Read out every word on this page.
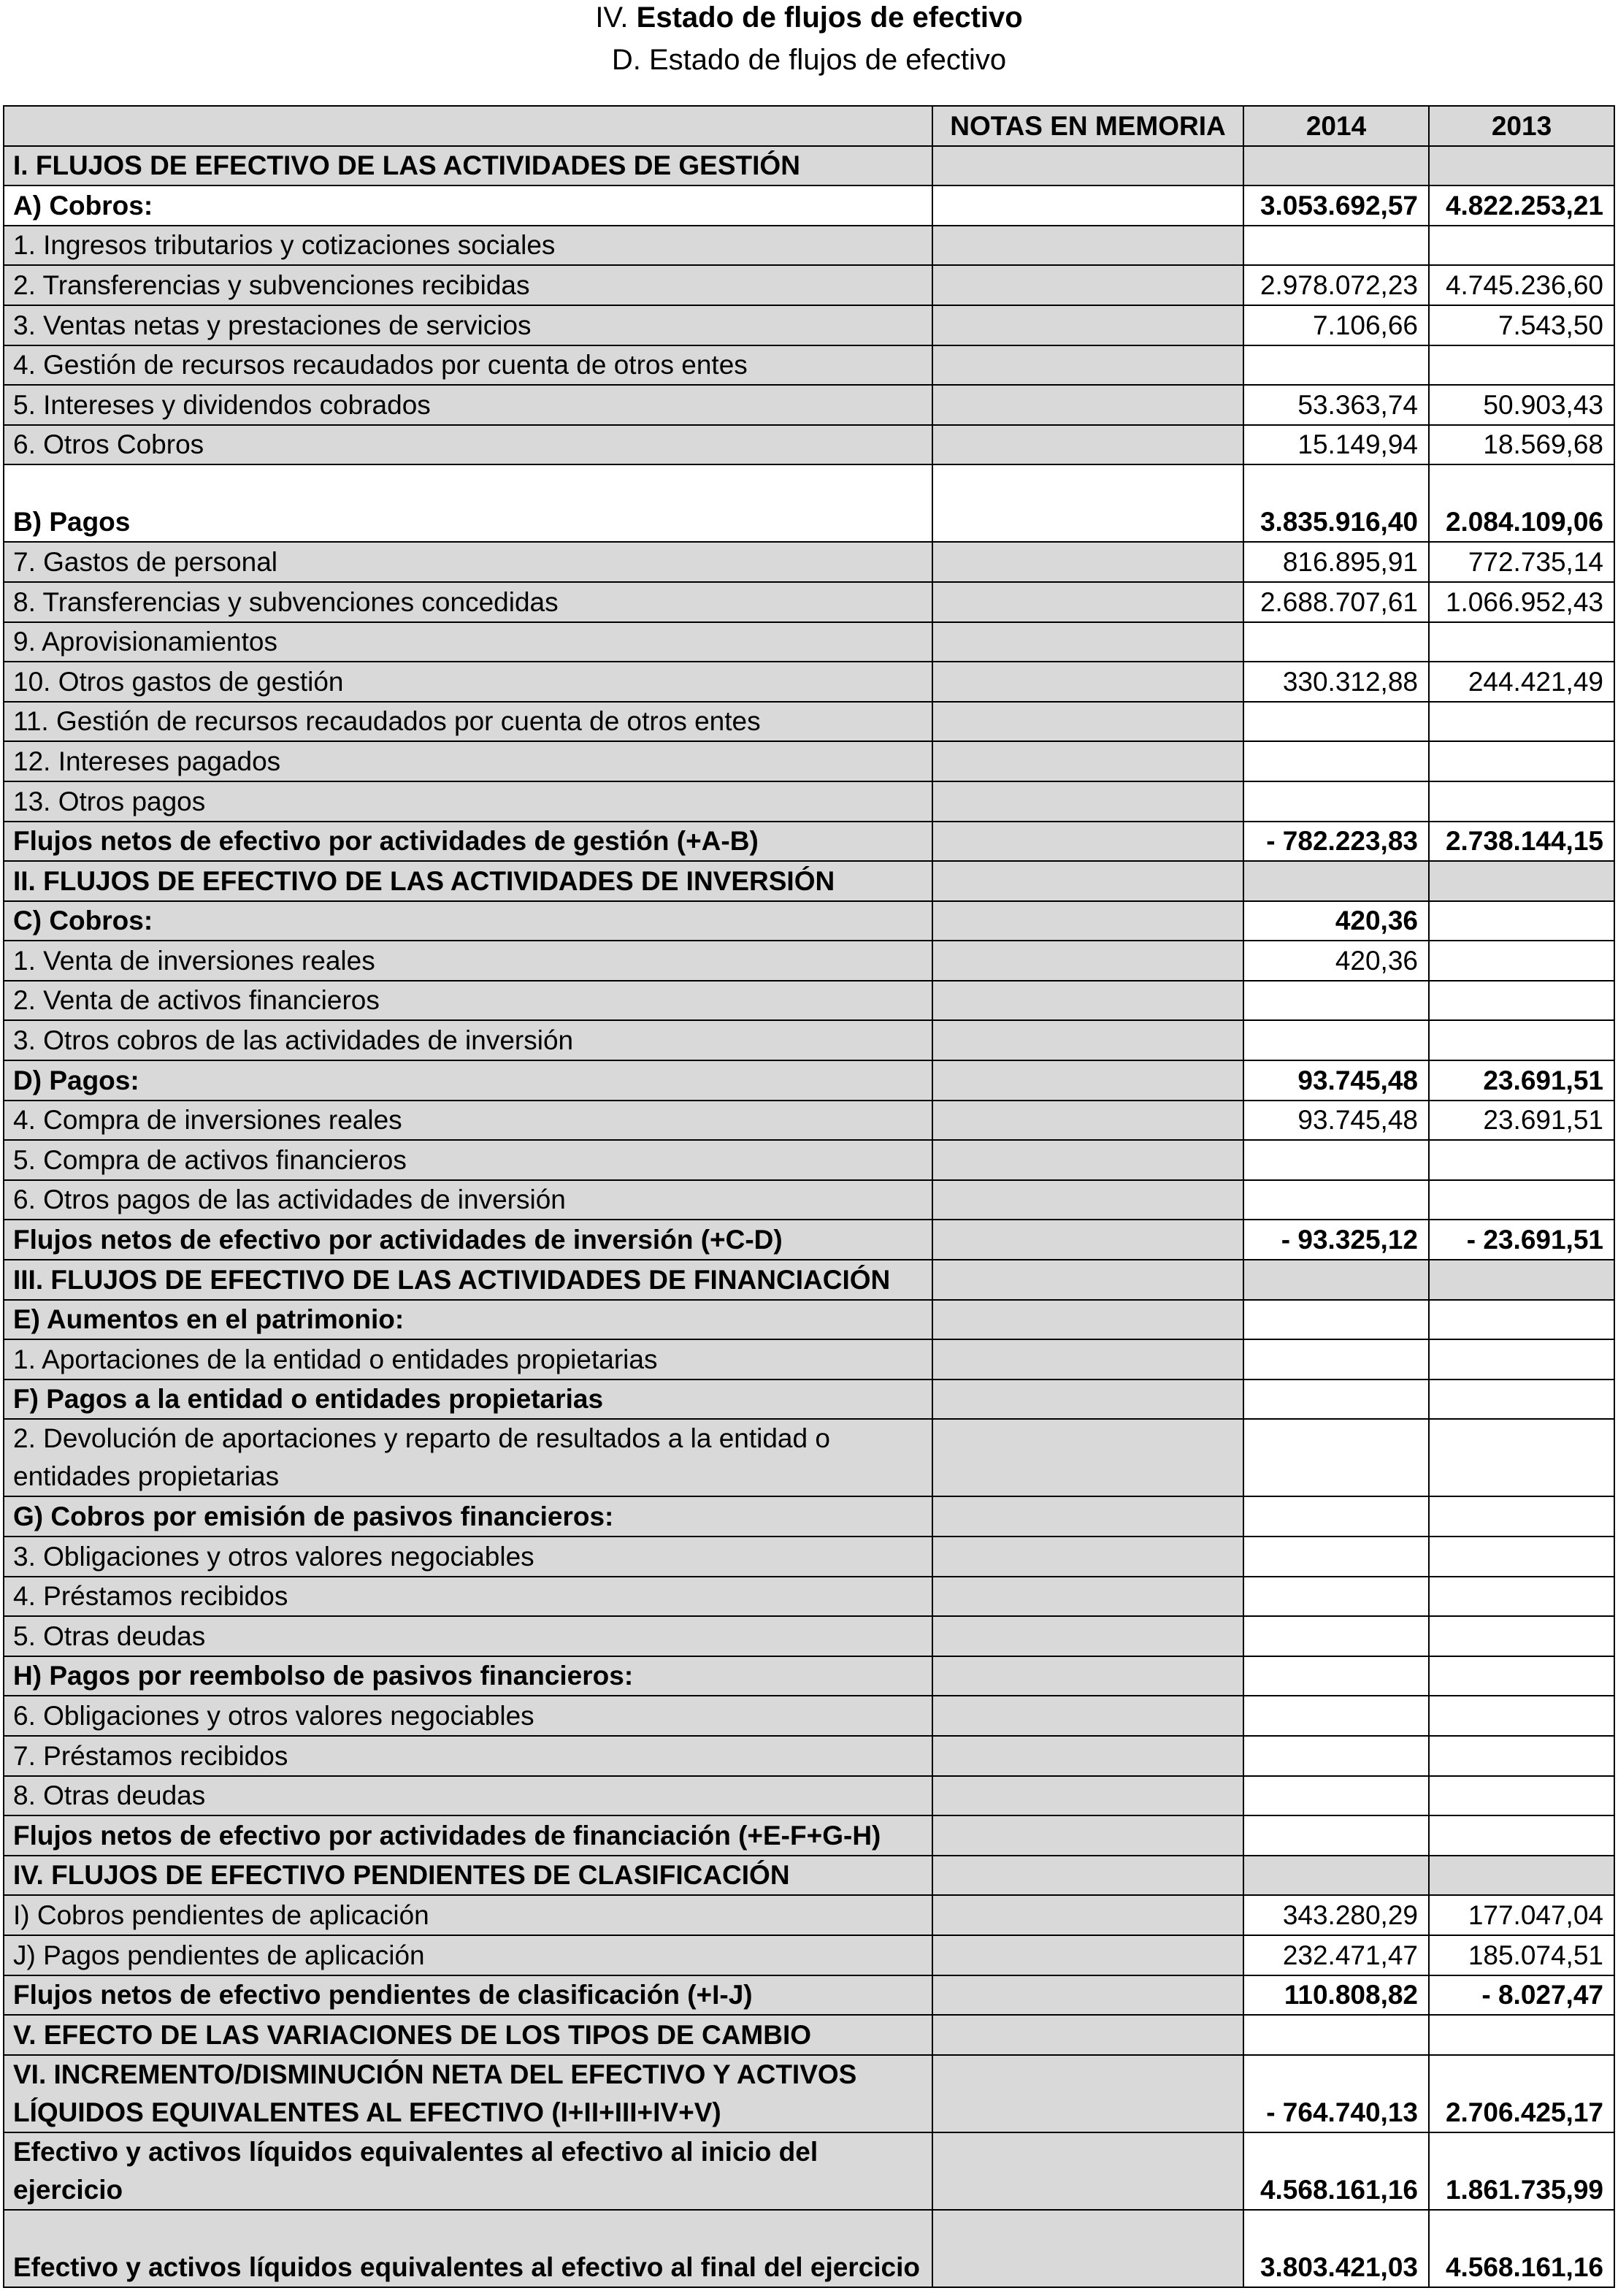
IV. Estado de flujos de efectivo
D. Estado de flujos de efectivo
	NOTAS EN MEMORIA	2014	2013
I. FLUJOS DE EFECTIVO DE LAS ACTIVIDADES DE GESTIÓN			
A) Cobros:		3.053.692,57	4.822.253,21
1. Ingresos tributarios y cotizaciones sociales			
2. Transferencias y subvenciones recibidas		2.978.072,23	4.745.236,60
3. Ventas netas y prestaciones de servicios		7.106,66	7.543,50
4. Gestión de recursos recaudados por cuenta de otros entes			
5. Intereses y dividendos cobrados		53.363,74	50.903,43
6. Otros Cobros		15.149,94	18.569,68
B) Pagos		3.835.916,40	2.084.109,06
7. Gastos de personal		816.895,91	772.735,14
8. Transferencias y subvenciones concedidas		2.688.707,61	1.066.952,43
9. Aprovisionamientos			
10. Otros gastos de gestión		330.312,88	244.421,49
11. Gestión de recursos recaudados por cuenta de otros entes			
12. Intereses pagados			
13. Otros pagos			
Flujos netos de efectivo por actividades de gestión (+A-B)		- 782.223,83	2.738.144,15
II. FLUJOS DE EFECTIVO DE LAS ACTIVIDADES DE INVERSIÓN			
C) Cobros:		420,36	
1. Venta de inversiones reales		420,36	
2. Venta de activos financieros			
3. Otros cobros de las actividades de inversión			
D) Pagos:		93.745,48	23.691,51
4. Compra de inversiones reales		93.745,48	23.691,51
5. Compra de activos financieros			
6. Otros pagos de las actividades de inversión			
Flujos netos de efectivo por actividades de inversión (+C-D)		- 93.325,12	- 23.691,51
III. FLUJOS DE EFECTIVO DE LAS ACTIVIDADES DE FINANCIACIÓN			
E) Aumentos en el patrimonio:			
1. Aportaciones de la entidad o entidades propietarias			
F) Pagos a la entidad o entidades propietarias			
2. Devolución de aportaciones y reparto de resultados a la entidad o entidades propietarias			
G) Cobros por emisión de pasivos financieros:			
3. Obligaciones y otros valores negociables			
4. Préstamos recibidos			
5. Otras deudas			
H) Pagos por reembolso de pasivos financieros:			
6. Obligaciones y otros valores negociables			
7. Préstamos recibidos			
8. Otras deudas			
Flujos netos de efectivo por actividades de financiación (+E-F+G-H)			
IV. FLUJOS DE EFECTIVO PENDIENTES DE CLASIFICACIÓN			
I) Cobros pendientes de aplicación		343.280,29	177.047,04
J) Pagos pendientes de aplicación		232.471,47	185.074,51
Flujos netos de efectivo pendientes de clasificación (+I-J)		110.808,82	- 8.027,47
V. EFECTO DE LAS VARIACIONES DE LOS TIPOS DE CAMBIO			
VI. INCREMENTO/DISMINUCIÓN NETA DEL EFECTIVO Y ACTIVOS LÍQUIDOS EQUIVALENTES AL EFECTIVO (I+II+III+IV+V)		- 764.740,13	2.706.425,17
Efectivo y activos líquidos equivalentes al efectivo al inicio del ejercicio		4.568.161,16	1.861.735,99
Efectivo y activos líquidos equivalentes al efectivo al final del ejercicio		3.803.421,03	4.568.161,16
